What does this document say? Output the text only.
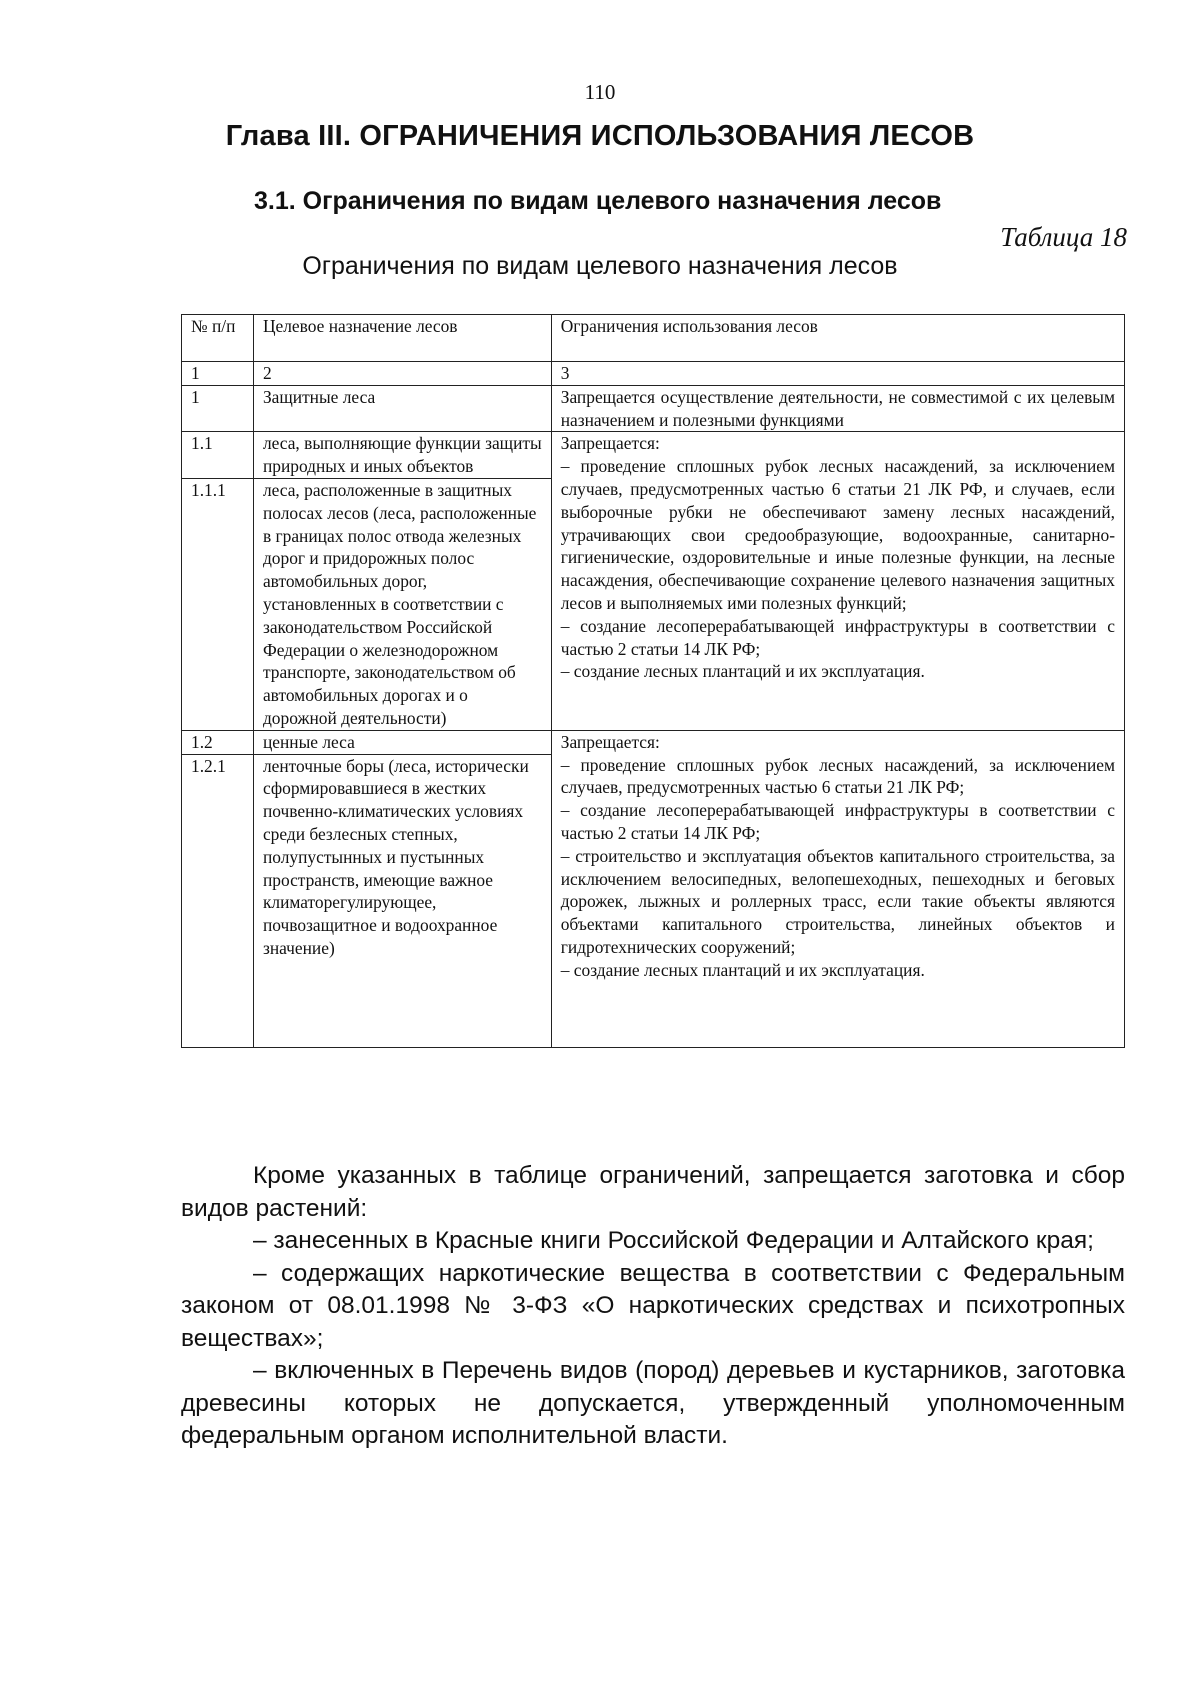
110
Глава III. ОГРАНИЧЕНИЯ ИСПОЛЬЗОВАНИЯ ЛЕСОВ
3.1. Ограничения по видам целевого назначения лесов
Таблица 18
Ограничения по видам целевого назначения лесов
№ п/п	Целевое назначение лесов	Ограничения использования лесов
1	2	3
1	Защитные леса	Запрещается осуществление деятельности, не совместимой с их целевым назначением и полезными функциями
1.1	леса, выполняющие функции защиты природных и иных объектов	Запрещается:
– проведение сплошных рубок лесных насаждений, за исключением случаев, предусмотренных частью 6 статьи 21 ЛК РФ, и случаев, если выборочные рубки не обеспечивают замену лесных насаждений, утрачивающих свои средообразующие, водоохранные, санитарно-гигиенические, оздоровительные и иные полезные функции, на лесные насаждения, обеспечивающие сохранение целевого назначения защитных лесов и выполняемых ими полезных функций;
– создание лесоперерабатывающей инфраструктуры в соответствии с частью 2 статьи 14 ЛК РФ;
– создание лесных плантаций и их эксплуатация.

1.1.1	леса, расположенные в защитных полосах лесов (леса, расположенные в границах полос отвода железных дорог и придорожных полос автомобильных дорог, установленных в соответствии с законодательством Российской Федерации о железнодорожном транспорте, законодательством об автомобильных дорогах и о дорожной деятельности)	
1.2	ценные леса	Запрещается:
– проведение сплошных рубок лесных насаждений, за исключением случаев, предусмотренных частью 6 статьи 21 ЛК РФ;
– создание лесоперерабатывающей инфраструктуры в соответствии с частью 2 статьи 14 ЛК РФ;
– строительство и эксплуатация объектов капитального строительства, за исключением велосипедных, велопешеходных, пешеходных и беговых дорожек, лыжных и роллерных трасс, если такие объекты являются объектами капитального строительства, линейных объектов и гидротехнических сооружений;
– создание лесных плантаций и их эксплуатация.

1.2.1	ленточные боры (леса, исторически сформировавшиеся в жестких почвенно-климатических условиях среди безлесных степных, полупустынных и пустынных пространств, имеющие важное климаторегулирующее, почвозащитное и водоохранное значение)	

Кроме указанных в таблице ограничений, запрещается заготовка и сбор видов растений:

– занесенных в Красные книги Российской Федерации и Алтайского края;

– содержащих наркотические вещества в соответствии с Федеральным законом от 08.01.1998 № 3-ФЗ «О наркотических средствах и психотропных веществах»;

– включенных в Перечень видов (пород) деревьев и кустарников, заготовка древесины которых не допускается, утвержденный уполномоченным федеральным органом исполнительной власти.
